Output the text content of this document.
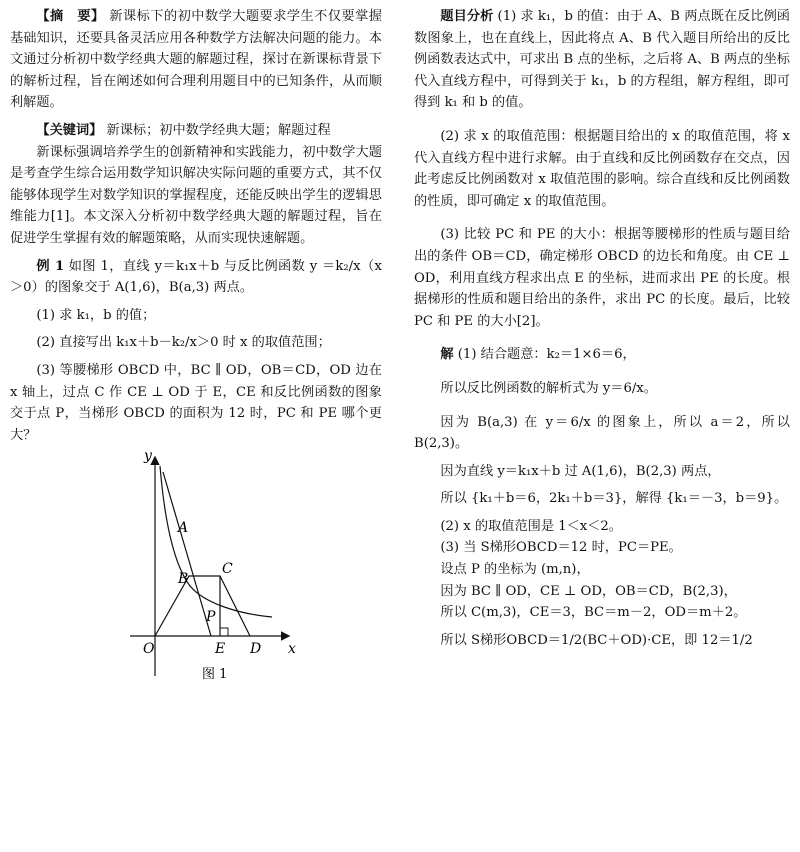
【摘　要】 新课标下的初中数学大题要求学生不仅要掌握基础知识，还要具备灵活应用各种数学方法解决问题的能力。本文通过分析初中数学经典大题的解题过程，探讨在新课标背景下的解析过程，旨在阐述如何合理利用题目中的已知条件，从而顺利解题。

【关键词】 新课标；初中数学经典大题；解题过程

新课标强调培养学生的创新精神和实践能力，初中数学大题是考查学生综合运用数学知识解决实际问题的重要方式，其不仅能够体现学生对数学知识的掌握程度，还能反映出学生的逻辑思维能力[1]。本文深入分析初中数学经典大题的解题过程，旨在促进学生掌握有效的解题策略，从而实现快速解题。

例 1 如图 1，直线 y＝k₁x＋b 与反比例函数 y ＝k₂/x（x＞0）的图象交于 A(1,6)，B(a,3) 两点。

(1) 求 k₁，b 的值；

(2) 直接写出 k₁x＋b－k₂/x＞0 时 x 的取值范围；

(3) 等腰梯形 OBCD 中，BC ∥ OD，OB＝CD，OD 边在 x 轴上，过点 C 作 CE ⊥ OD 于 E，CE 和反比例函数的图象交于点 P，当梯形 OBCD 的面积为 12 时，PC 和 PE 哪个更大？

y
x
A
B
C
P
O	E D
图 1

题目分析 (1) 求 k₁，b 的值：由于 A、B 两点既在反比例函数图象上，也在直线上，因此将点 A、B 代入题目所给出的反比例函数表达式中，可求出 B 点的坐标，之后将 A、B 两点的坐标代入直线方程中，可得到关于 k₁，b 的方程组，解方程组，即可得到 k₁ 和 b 的值。

(2) 求 x 的取值范围：根据题目给出的 x 的取值范围，将 x 代入直线方程中进行求解。由于直线和反比例函数存在交点，因此考虑反比例函数对 x 取值范围的影响。综合直线和反比例函数的性质，即可确定 x 的取值范围。

(3) 比较 PC 和 PE 的大小：根据等腰梯形的性质与题目给出的条件 OB＝CD，确定梯形 OBCD 的边长和角度。由 CE ⊥ OD，利用直线方程求出点 E 的坐标，进而求出 PE 的长度。根据梯形的性质和题目给出的条件，求出 PC 的长度。最后，比较 PC 和 PE 的大小[2]。

解 (1) 结合题意：k₂＝1×6＝6，

所以反比例函数的解析式为 y＝6/x。

因为 B(a,3) 在 y＝6/x 的图象上，所以 a＝2，所以 B(2,3)。

因为直线 y＝k₁x＋b 过 A(1,6)，B(2,3) 两点，

所以 {k₁＋b＝6，2k₁＋b＝3}，解得 {k₁＝－3，b＝9}。

(2) x 的取值范围是 1＜x＜2。

(3) 当 S梯形OBCD＝12 时，PC＝PE。

设点 P 的坐标为 (m,n)，

因为 BC ∥ OD，CE ⊥ OD，OB＝CD，B(2,3)，

所以 C(m,3)，CE＝3，BC＝m－2，OD＝m＋2。

所以 S梯形OBCD＝1/2(BC＋OD)·CE，即 12＝1/2
